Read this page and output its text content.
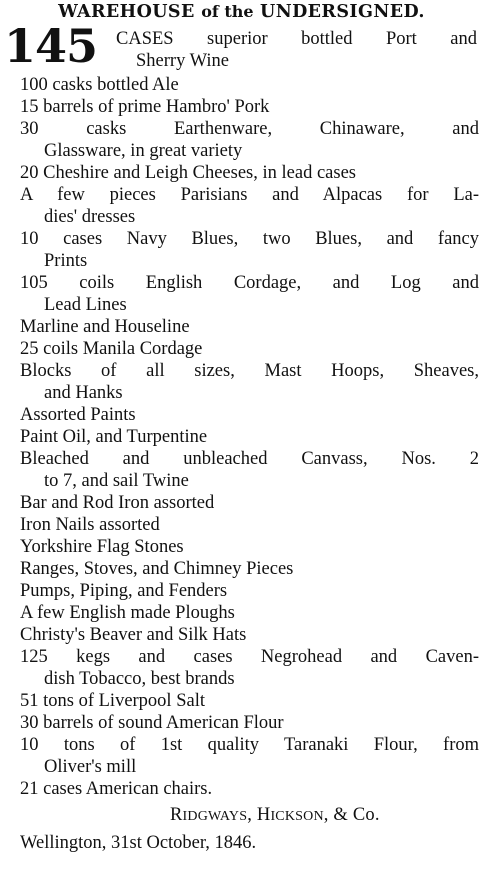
WAREHOUSE of the UNDERSIGNED.
145 CASES superior bottled Port and
Sherry Wine
100 casks bottled Ale
15 barrels of prime Hambro' Pork
30 casks Earthenware, Chinaware, and
Glassware, in great variety
20 Cheshire and Leigh Cheeses, in lead cases
A few pieces Parisians and Alpacas for La-
dies' dresses
10 cases Navy Blues, two Blues, and fancy
Prints
105 coils English Cordage, and Log and
Lead Lines
Marline and Houseline
25 coils Manila Cordage
Blocks of all sizes, Mast Hoops, Sheaves,
and Hanks
Assorted Paints
Paint Oil, and Turpentine
Bleached and unbleached Canvass, Nos. 2
to 7, and sail Twine
Bar and Rod Iron assorted
Iron Nails assorted
Yorkshire Flag Stones
Ranges, Stoves, and Chimney Pieces
Pumps, Piping, and Fenders
A few English made Ploughs
Christy's Beaver and Silk Hats
125 kegs and cases Negrohead and Caven-
dish Tobacco, best brands
51 tons of Liverpool Salt
30 barrels of sound American Flour
10 tons of 1st quality Taranaki Flour, from
Oliver's mill
21 cases American chairs.
RIDGWAYS, HICKSON, & Co.
Wellington, 31st October, 1846.
